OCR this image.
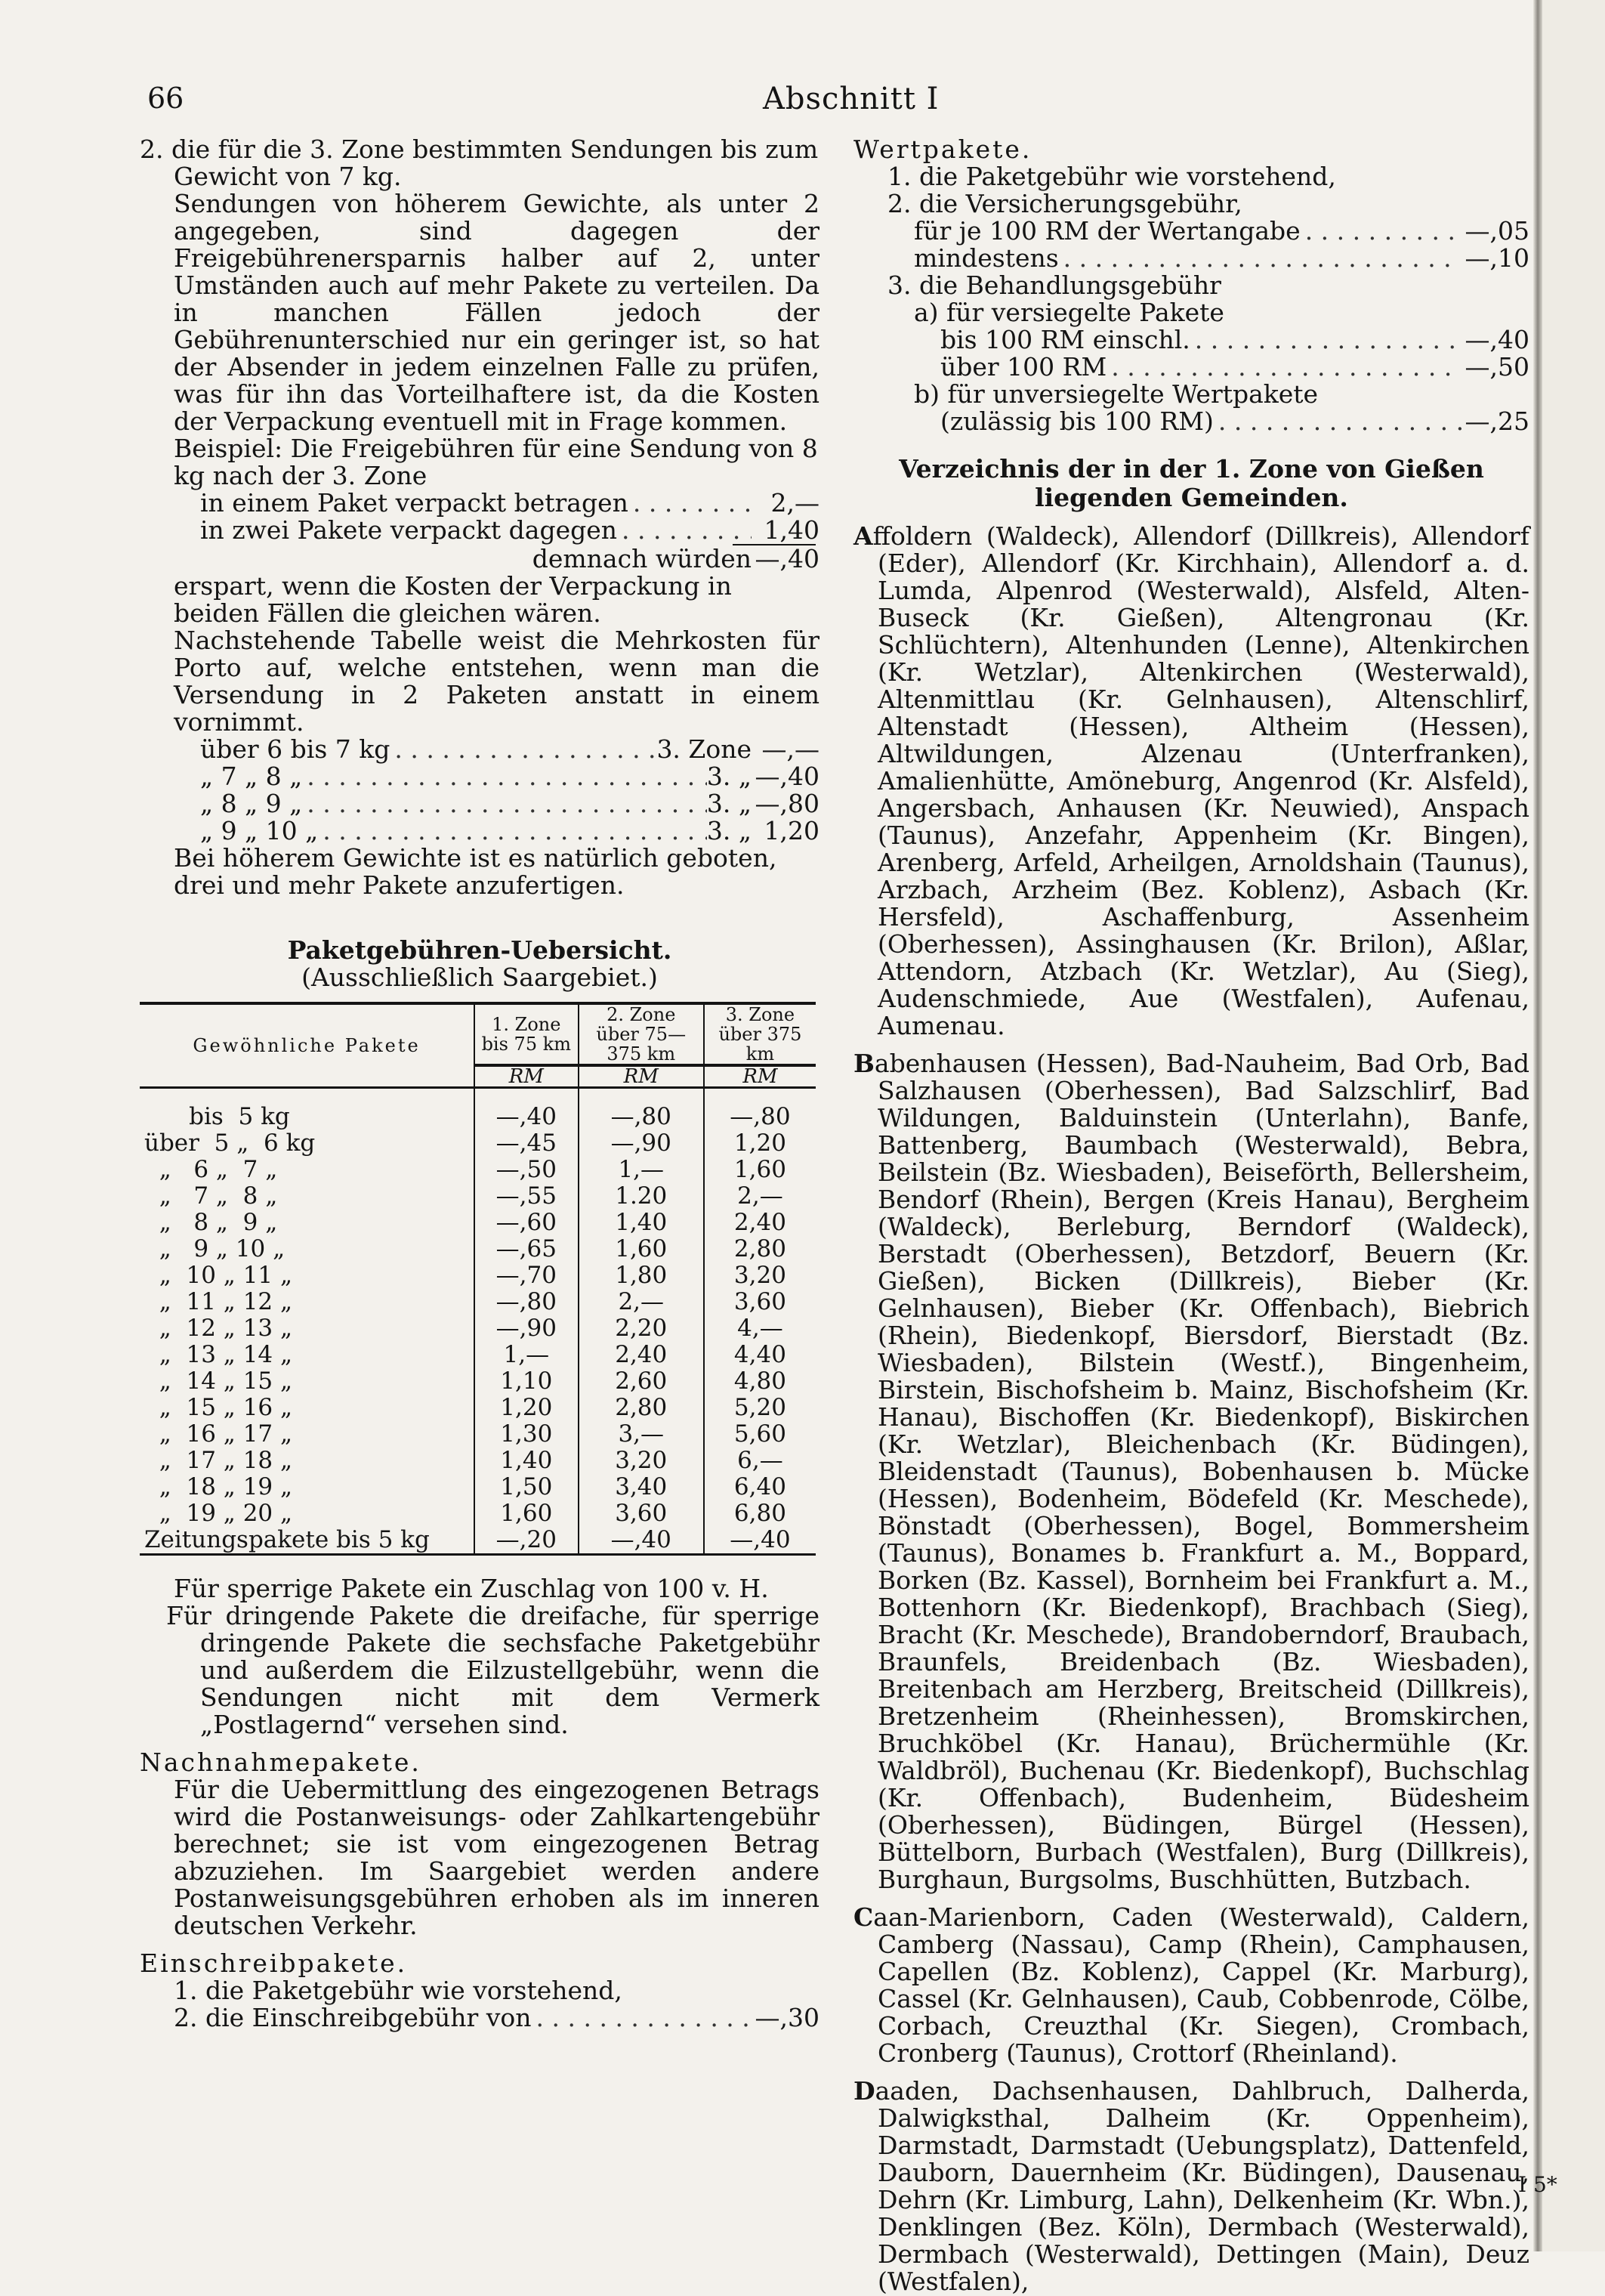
66	Abschnitt I

2. die für die 3. Zone bestimmten Sendungen bis zum Gewicht von 7 kg.

Sendungen von höherem Gewichte, als unter 2 angegeben, sind dagegen der Freigebührenersparnis halber auf 2, unter Umständen auch auf mehr Pakete zu verteilen. Da in manchen Fällen jedoch der Gebührenunterschied nur ein geringer ist, so hat der Absender in jedem einzelnen Falle zu prüfen, was für ihn das Vorteilhaftere ist, da die Kosten der Verpackung eventuell mit in Frage kommen.

Beispiel: Die Freigebühren für eine Sendung von 8 kg nach der 3. Zone

in einem Paket verpackt betragen . . .	2,—
in zwei Pakete verpackt dagegen . . .	1,40
demnach würden —,40

erspart, wenn die Kosten der Verpackung in beiden Fällen die gleichen wären.

Nachstehende Tabelle weist die Mehrkosten für Porto auf, welche entstehen, wenn man die Versendung in 2 Paketen anstatt in einem vornimmt.

über 6 bis 7 kg . . .	3. Zone —,—
„ 7 „ 8 „ . . .	3. „ —,40
„ 8 „ 9 „ . . .	3. „ —,80
„ 9 „ 10 „ . . .	3. „ 1,20

Bei höherem Gewichte ist es natürlich geboten, drei und mehr Pakete anzufertigen.

Paketgebühren-Uebersicht.

(Ausschließlich Saargebiet.)

Gewöhnliche Pakete	1. Zone bis 75 km	2. Zone über 75—375 km	3. Zone über 375 km
	RM	RM	RM

bis  5 kg	—,40	—,80	—,80
über  5 „  6 kg	—,45	—,90	1,20
„   6 „  7 „	—,50	1,—	1,60
„   7 „  8 „	—,55	1.20	2,—
„   8 „  9 „	—,60	1,40	2,40
„   9 „ 10 „	—,65	1,60	2,80
„  10 „ 11 „	—,70	1,80	3,20
„  11 „ 12 „	—,80	2,—	3,60
„  12 „ 13 „	—,90	2,20	4,—
„  13 „ 14 „	1,—	2,40	4,40
„  14 „ 15 „	1,10	2,60	4,80
„  15 „ 16 „	1,20	2,80	5,20
„  16 „ 17 „	1,30	3,—	5,60
„  17 „ 18 „	1,40	3,20	6,—
„  18 „ 19 „	1,50	3,40	6,40
„  19 „ 20 „	1,60	3,60	6,80
Zeitungspakete bis 5 kg	—,20	—,40	—,40

Für sperrige Pakete ein Zuschlag von 100 v. H.

Für dringende Pakete die dreifache, für sperrige dringende Pakete die sechsfache Paketgebühr und außerdem die Eilzustellgebühr, wenn die Sendungen nicht mit dem Vermerk „Postlagernd“ versehen sind.

Nachnahmepakete.

Für die Uebermittlung des eingezogenen Betrags wird die Postanweisungs- oder Zahlkartengebühr berechnet; sie ist vom eingezogenen Betrag abzuziehen. Im Saargebiet werden andere Postanweisungsgebühren erhoben als im inneren deutschen Verkehr.

Einschreibpakete.

1. die Paketgebühr wie vorstehend,

2. die Einschreibgebühr von . . .	—,30

Wertpakete.

1. die Paketgebühr wie vorstehend,

2. die Versicherungsgebühr,

für je 100 RM der Wertangabe . . .	—,05
mindestens . . .	—,10

3. die Behandlungsgebühr

a) für versiegelte Pakete

bis 100 RM einschl. . . .	—,40
über 100 RM . . .	—,50

b) für unversiegelte Wertpakete

(zulässig bis 100 RM) . . .	—,25

Verzeichnis der in der 1. Zone von Gießen liegenden Gemeinden.

Affoldern (Waldeck), Allendorf (Dillkreis), Allendorf (Eder), Allendorf (Kr. Kirchhain), Allendorf a. d. Lumda, Alpenrod (Westerwald), Alsfeld, Alten-Buseck (Kr. Gießen), Altengronau (Kr. Schlüchtern), Altenhunden (Lenne), Altenkirchen (Kr. Wetzlar), Altenkirchen (Westerwald), Altenmittlau (Kr. Gelnhausen), Altenschlirf, Altenstadt (Hessen), Altheim (Hessen), Altwildungen, Alzenau (Unterfranken), Amalienhütte, Amöneburg, Angenrod (Kr. Alsfeld), Angersbach, Anhausen (Kr. Neuwied), Anspach (Taunus), Anzefahr, Appenheim (Kr. Bingen), Arenberg, Arfeld, Arheilgen, Arnoldshain (Taunus), Arzbach, Arzheim (Bez. Koblenz), Asbach (Kr. Hersfeld), Aschaffenburg, Assenheim (Oberhessen), Assinghausen (Kr. Brilon), Aßlar, Attendorn, Atzbach (Kr. Wetzlar), Au (Sieg), Audenschmiede, Aue (Westfalen), Aufenau, Aumenau.

Babenhausen (Hessen), Bad-Nauheim, Bad Orb, Bad Salzhausen (Oberhessen), Bad Salzschlirf, Bad Wildungen, Balduinstein (Unterlahn), Banfe, Battenberg, Baumbach (Westerwald), Bebra, Beilstein (Bz. Wiesbaden), Beiseförth, Bellersheim, Bendorf (Rhein), Bergen (Kreis Hanau), Bergheim (Waldeck), Berleburg, Berndorf (Waldeck), Berstadt (Oberhessen), Betzdorf, Beuern (Kr. Gießen), Bicken (Dillkreis), Bieber (Kr. Gelnhausen), Bieber (Kr. Offenbach), Biebrich (Rhein), Biedenkopf, Biersdorf, Bierstadt (Bz. Wiesbaden), Bilstein (Westf.), Bingenheim, Birstein, Bischofsheim b. Mainz, Bischofsheim (Kr. Hanau), Bischoffen (Kr. Biedenkopf), Biskirchen (Kr. Wetzlar), Bleichenbach (Kr. Büdingen), Bleidenstadt (Taunus), Bobenhausen b. Mücke (Hessen), Bodenheim, Bödefeld (Kr. Meschede), Bönstadt (Oberhessen), Bogel, Bommersheim (Taunus), Bonames b. Frankfurt a. M., Boppard, Borken (Bz. Kassel), Bornheim bei Frankfurt a. M., Bottenhorn (Kr. Biedenkopf), Brachbach (Sieg), Bracht (Kr. Meschede), Brandoberndorf, Braubach, Braunfels, Breidenbach (Bz. Wiesbaden), Breitenbach am Herzberg, Breitscheid (Dillkreis), Bretzenheim (Rheinhessen), Bromskirchen, Bruchköbel (Kr. Hanau), Brüchermühle (Kr. Waldbröl), Buchenau (Kr. Biedenkopf), Buchschlag (Kr. Offenbach), Budenheim, Büdesheim (Oberhessen), Büdingen, Bürgel (Hessen), Büttelborn, Burbach (Westfalen), Burg (Dillkreis), Burghaun, Burgsolms, Buschhütten, Butzbach.

Caan-Marienborn, Caden (Westerwald), Caldern, Camberg (Nassau), Camp (Rhein), Camphausen, Capellen (Bz. Koblenz), Cappel (Kr. Marburg), Cassel (Kr. Gelnhausen), Caub, Cobbenrode, Cölbe, Corbach, Creuzthal (Kr. Siegen), Crombach, Cronberg (Taunus), Crottorf (Rheinland).

Daaden, Dachsenhausen, Dahlbruch, Dalherda, Dalwigksthal, Dalheim (Kr. Oppenheim), Darmstadt, Darmstadt (Uebungsplatz), Dattenfeld, Dauborn, Dauernheim (Kr. Büdingen), Dausenau, Dehrn (Kr. Limburg, Lahn), Delkenheim (Kr. Wbn.), Denklingen (Bez. Köln), Dermbach (Westerwald), Dermbach (Westerwald), Dettingen (Main), Deuz (Westfalen),

I 5*
